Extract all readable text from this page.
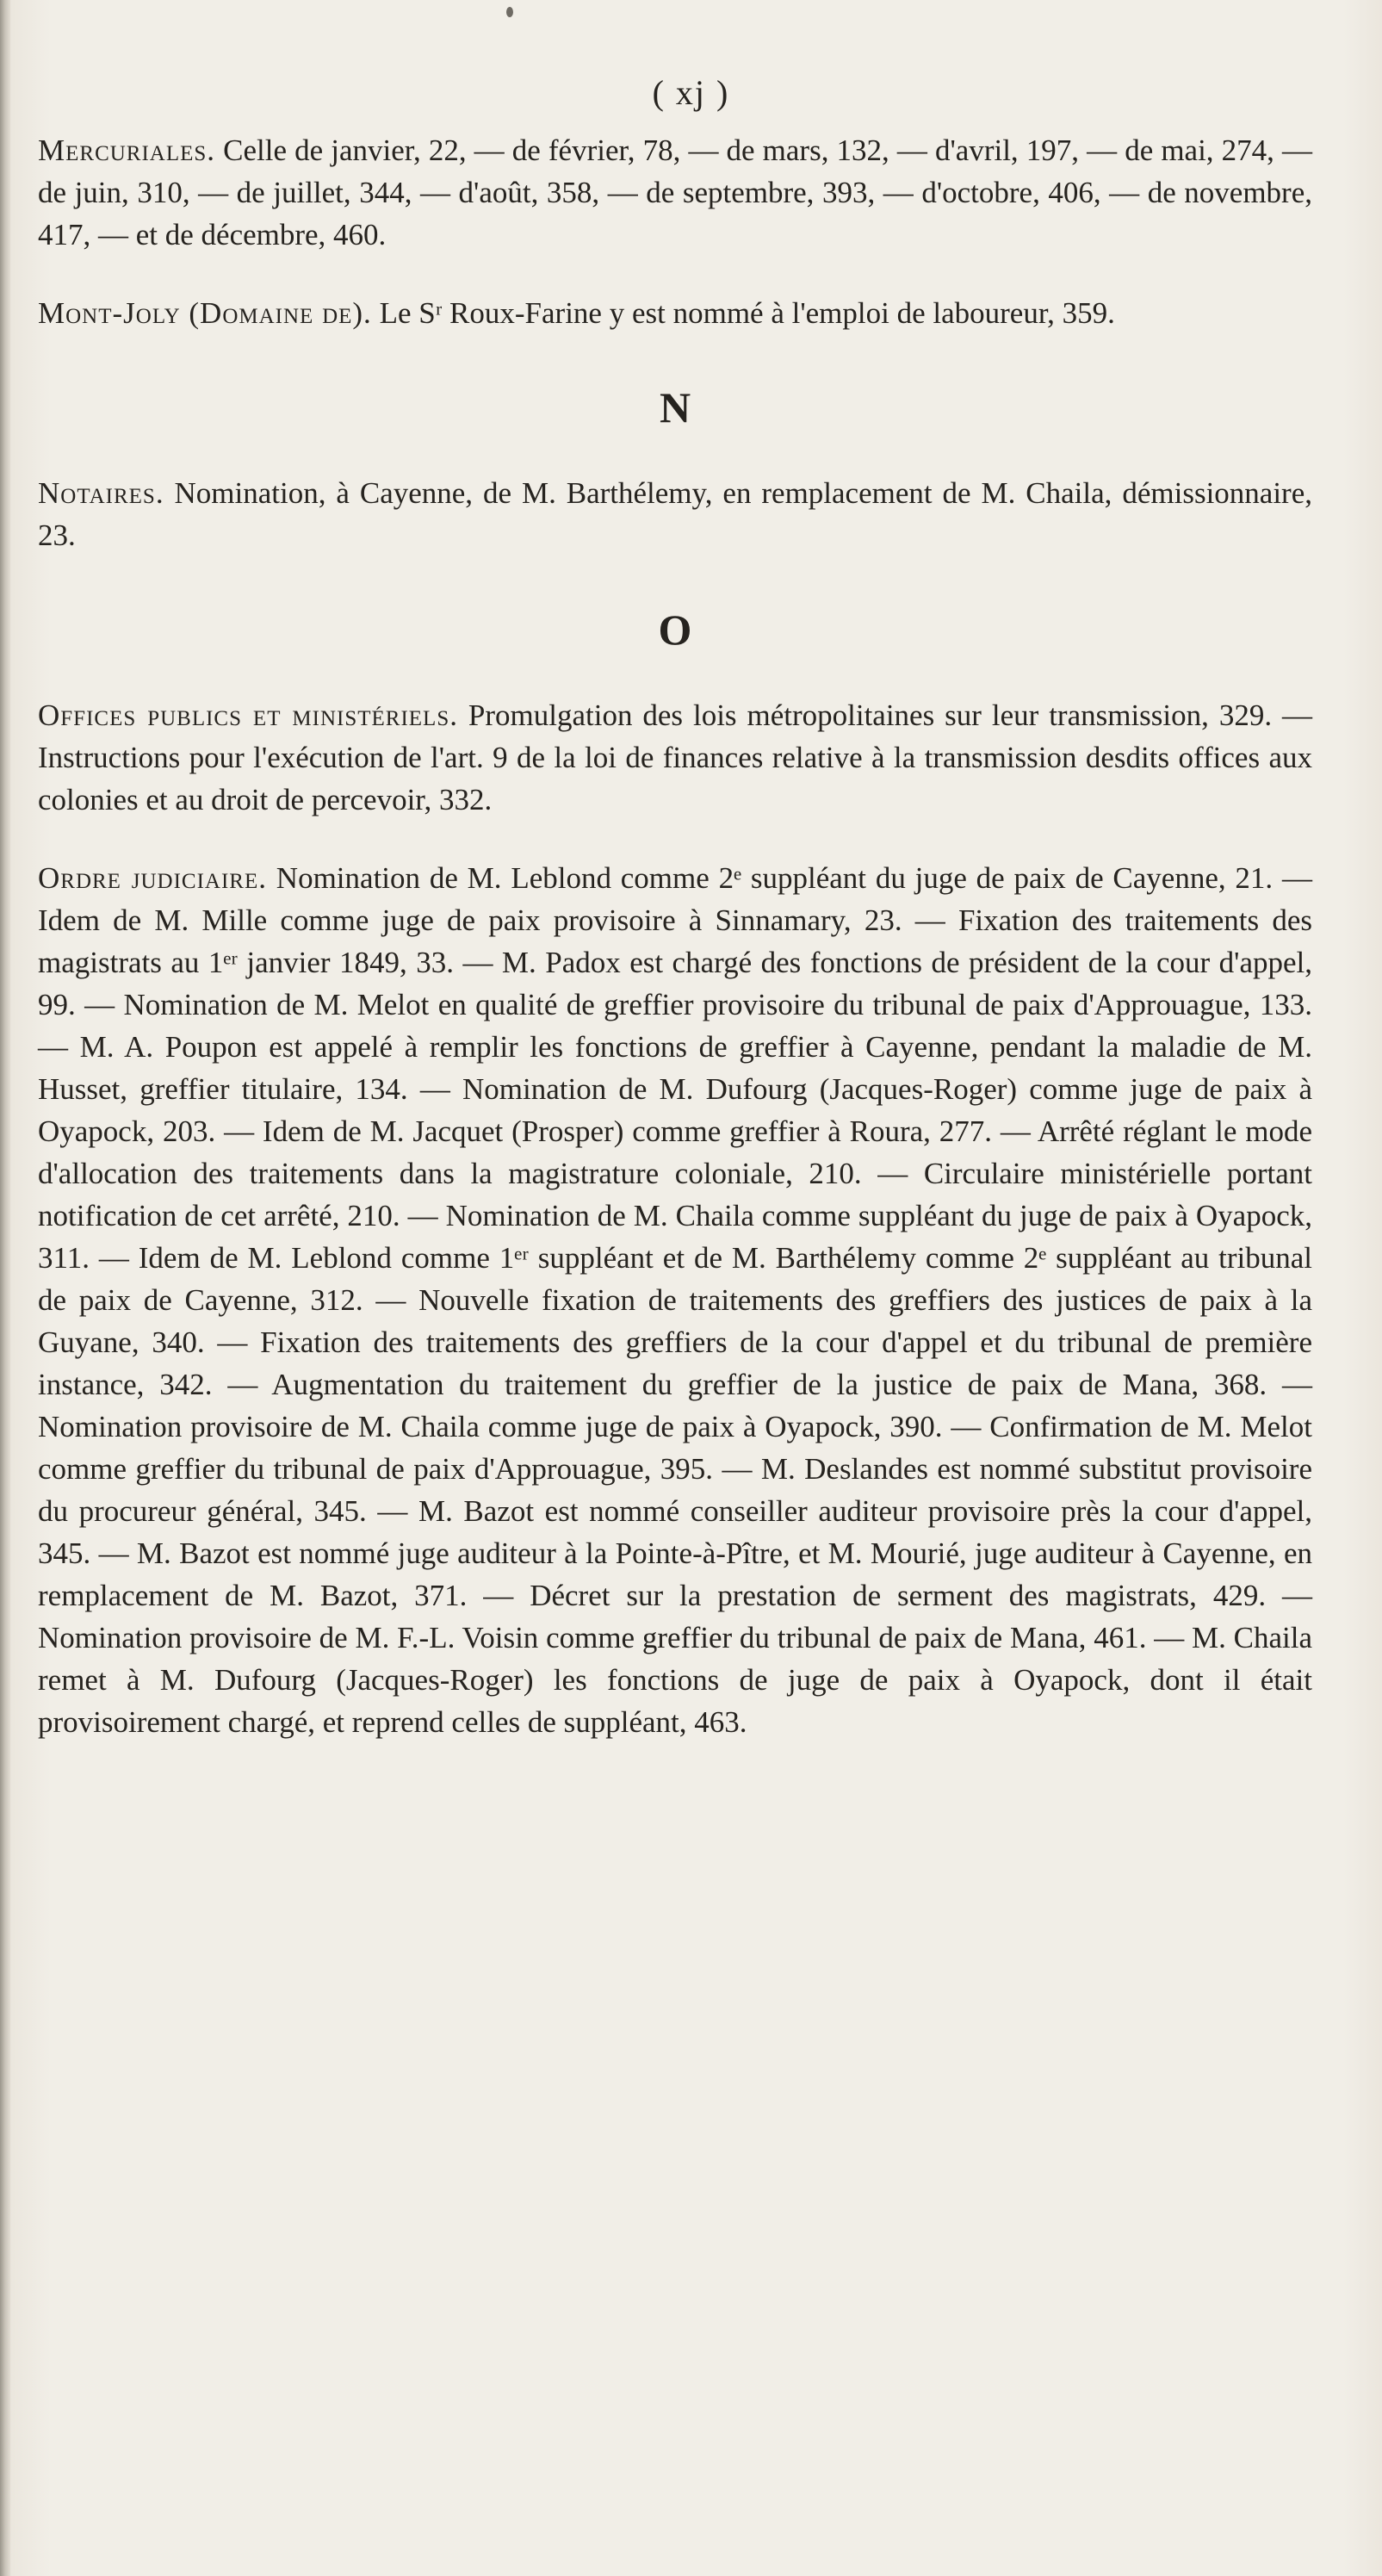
( xj )
Mercuriales. Celle de janvier, 22, — de février, 78, — de mars, 132, — d'avril, 197, — de mai, 274, — de juin, 310, — de juillet, 344, — d'août, 358, — de septembre, 393, — d'octobre, 406, — de novembre, 417, — et de décembre, 460.
Mont-Joly (Domaine de). Le Sʳ Roux-Farine y est nommé à l'emploi de laboureur, 359.
N
Notaires. Nomination, à Cayenne, de M. Barthélemy, en remplacement de M. Chaila, démissionnaire, 23.
O
Offices publics et ministériels. Promulgation des lois métropolitaines sur leur transmission, 329. — Instructions pour l'exécution de l'art. 9 de la loi de finances relative à la transmission desdits offices aux colonies et au droit de percevoir, 332.
Ordre judiciaire. Nomination de M. Leblond comme 2ᵉ suppléant du juge de paix de Cayenne, 21. — Idem de M. Mille comme juge de paix provisoire à Sinnamary, 23. — Fixation des traitements des magistrats au 1ᵉʳ janvier 1849, 33. — M. Padox est chargé des fonctions de président de la cour d'appel, 99. — Nomination de M. Melot en qualité de greffier provisoire du tribunal de paix d'Approuague, 133. — M. A. Poupon est appelé à remplir les fonctions de greffier à Cayenne, pendant la maladie de M. Husset, greffier titulaire, 134. — Nomination de M. Dufourg (Jacques-Roger) comme juge de paix à Oyapock, 203. — Idem de M. Jacquet (Prosper) comme greffier à Roura, 277. — Arrêté réglant le mode d'allocation des traitements dans la magistrature coloniale, 210. — Circulaire ministérielle portant notification de cet arrêté, 210. — Nomination de M. Chaila comme suppléant du juge de paix à Oyapock, 311. — Idem de M. Leblond comme 1ᵉʳ suppléant et de M. Barthélemy comme 2ᵉ suppléant au tribunal de paix de Cayenne, 312. — Nouvelle fixation de traitements des greffiers des justices de paix à la Guyane, 340. — Fixation des traitements des greffiers de la cour d'appel et du tribunal de première instance, 342. — Augmentation du traitement du greffier de la justice de paix de Mana, 368. — Nomination provisoire de M. Chaila comme juge de paix à Oyapock, 390. — Confirmation de M. Melot comme greffier du tribunal de paix d'Approuague, 395. — M. Deslandes est nommé substitut provisoire du procureur général, 345. — M. Bazot est nommé conseiller auditeur provisoire près la cour d'appel, 345. — M. Bazot est nommé juge auditeur à la Pointe-à-Pître, et M. Mourié, juge auditeur à Cayenne, en remplacement de M. Bazot, 371. — Décret sur la prestation de serment des magistrats, 429. — Nomination provisoire de M. F.-L. Voisin comme greffier du tribunal de paix de Mana, 461. — M. Chaila remet à M. Dufourg (Jacques-Roger) les fonctions de juge de paix à Oyapock, dont il était provisoirement chargé, et reprend celles de suppléant, 463.
